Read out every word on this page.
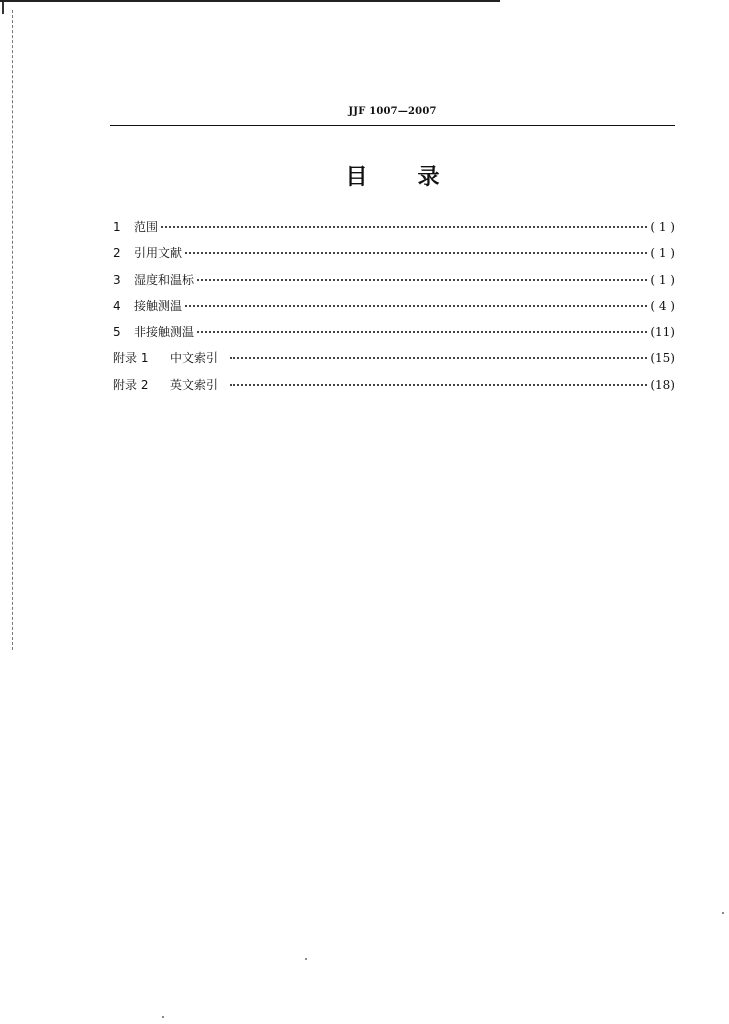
JJF 1007—2007
目 录
1	范围	( 1 )
2	引用文献	( 1 )
3	湿度和温标	( 1 )
4	接触测温	( 4 )
5	非接触测温	(11)
附录 1	中文索引	(15)
附录 2	英文索引	(18)
